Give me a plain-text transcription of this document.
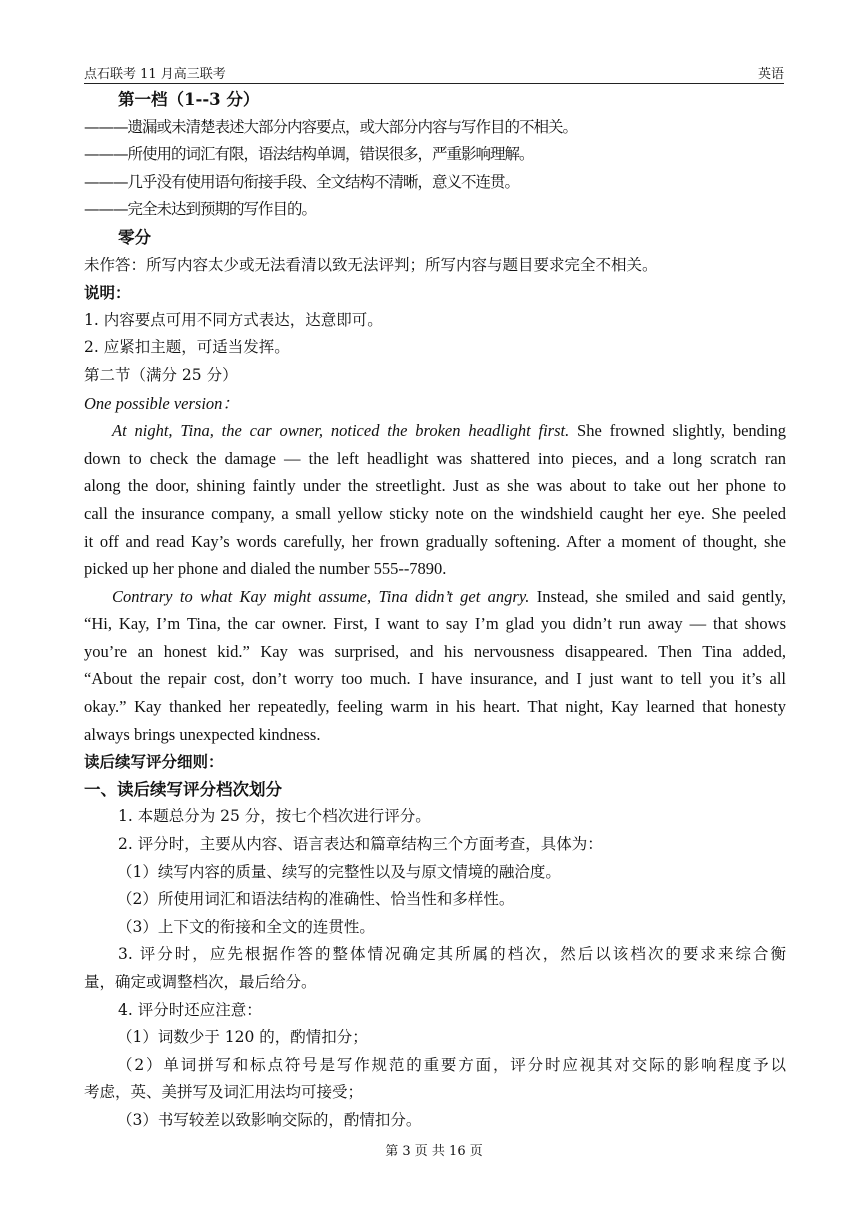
点石联考 11 月高三联考	英语
第一档（1--3 分）
———遗漏或未清楚表述大部分内容要点，或大部分内容与写作目的不相关。
———所使用的词汇有限，语法结构单调，错误很多，严重影响理解。
———几乎没有使用语句衔接手段、全文结构不清晰，意义不连贯。
———完全未达到预期的写作目的。
零分
未作答：所写内容太少或无法看清以致无法评判；所写内容与题目要求完全不相关。
说明：
1. 内容要点可用不同方式表达，达意即可。
2. 应紧扣主题，可适当发挥。
第二节（满分 25 分）
One possible version：
At night, Tina, the car owner, noticed the broken headlight first. She frowned slightly, bending
down to check the damage — the left headlight was shattered into pieces, and a long scratch ran
along the door, shining faintly under the streetlight. Just as she was about to take out her phone to
call the insurance company, a small yellow sticky note on the windshield caught her eye. She peeled
it off and read Kay’s words carefully, her frown gradually softening. After a moment of thought, she
picked up her phone and dialed the number 555--7890.
Contrary to what Kay might assume, Tina didn’t get angry. Instead, she smiled and said gently,
“Hi, Kay, I’m Tina, the car owner. First, I want to say I’m glad you didn’t run away — that shows
you’re an honest kid.” Kay was surprised, and his nervousness disappeared. Then Tina added,
“About the repair cost, don’t worry too much. I have insurance, and I just want to tell you it’s all
okay.” Kay thanked her repeatedly, feeling warm in his heart. That night, Kay learned that honesty
always brings unexpected kindness.
读后续写评分细则：
一、读后续写评分档次划分
1. 本题总分为 25 分，按七个档次进行评分。
2. 评分时，主要从内容、语言表达和篇章结构三个方面考查，具体为：
（1）续写内容的质量、续写的完整性以及与原文情境的融洽度。
（2）所使用词汇和语法结构的准确性、恰当性和多样性。
（3）上下文的衔接和全文的连贯性。
3. 评分时，应先根据作答的整体情况确定其所属的档次，然后以该档次的要求来综合衡
量，确定或调整档次，最后给分。
4. 评分时还应注意：
（1）词数少于 120 的，酌情扣分；
（2）单词拼写和标点符号是写作规范的重要方面，评分时应视其对交际的影响程度予以
考虑，英、美拼写及词汇用法均可接受；
（3）书写较差以致影响交际的，酌情扣分。
第 3 页 共 16 页
